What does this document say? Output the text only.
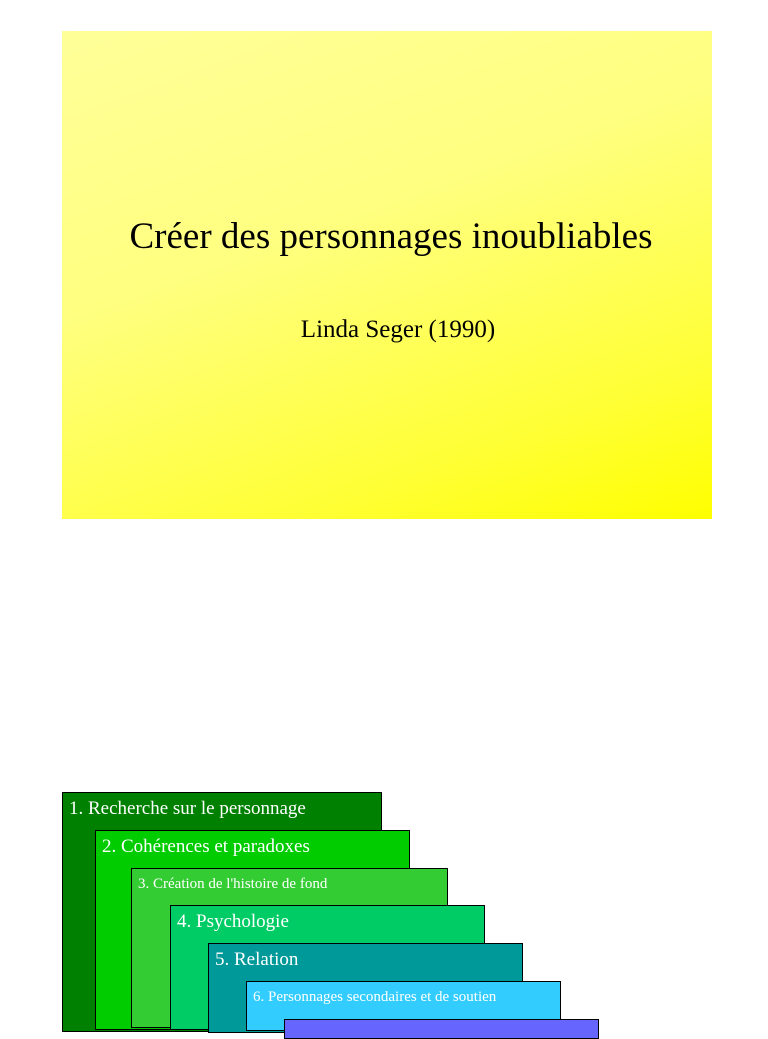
Créer des personnages inoubliables
Linda Seger (1990)
1. Recherche sur le personnage
2. Cohérences et paradoxes
3. Création de l'histoire de fond
4. Psychologie
5. Relation
6. Personnages secondaires et de soutien
